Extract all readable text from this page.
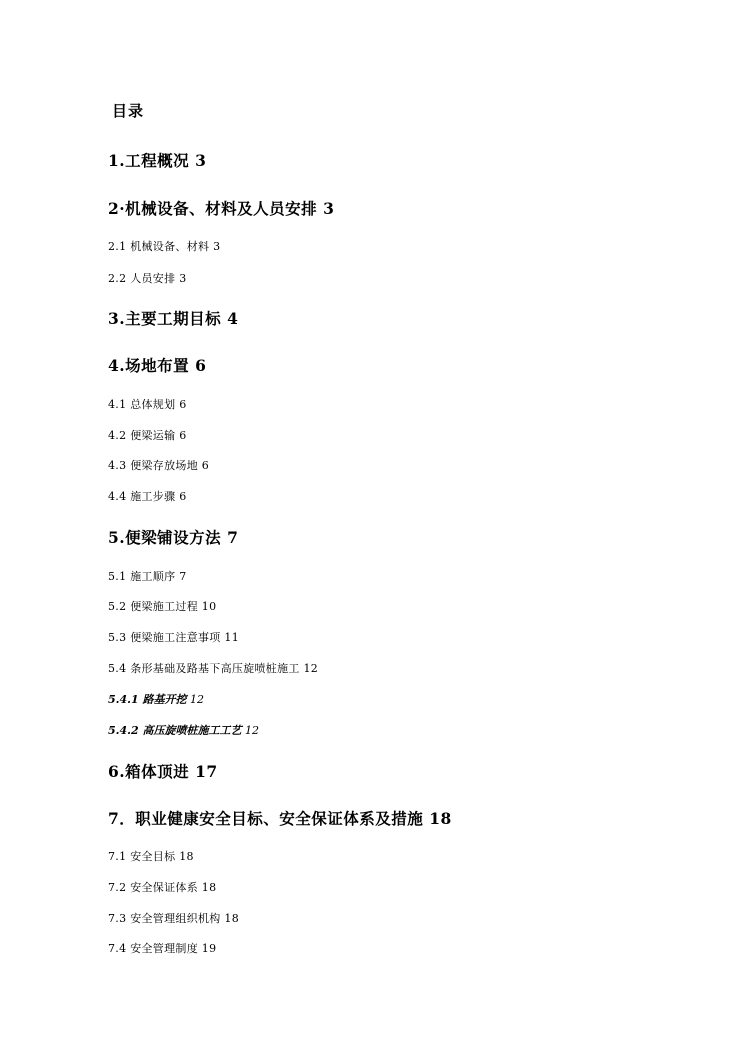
目录
1.工程概况 3
2·机械设备、材料及人员安排 3
2.1 机械设备、材料 3
2.2 人员安排 3
3.主要工期目标 4
4.场地布置 6
4.1 总体规划 6
4.2 便梁运输 6
4.3 便梁存放场地 6
4.4 施工步骤 6
5.便梁铺设方法 7
5.1 施工顺序 7
5.2 便梁施工过程 10
5.3 便梁施工注意事项 11
5.4 条形基础及路基下高压旋喷桩施工 12
5.4.1 路基开挖 12
5.4.2 高压旋喷桩施工工艺 12
6.箱体顶进 17
7．职业健康安全目标、安全保证体系及措施 18
7.1 安全目标 18
7.2 安全保证体系 18
7.3 安全管理组织机构 18
7.4 安全管理制度 19
